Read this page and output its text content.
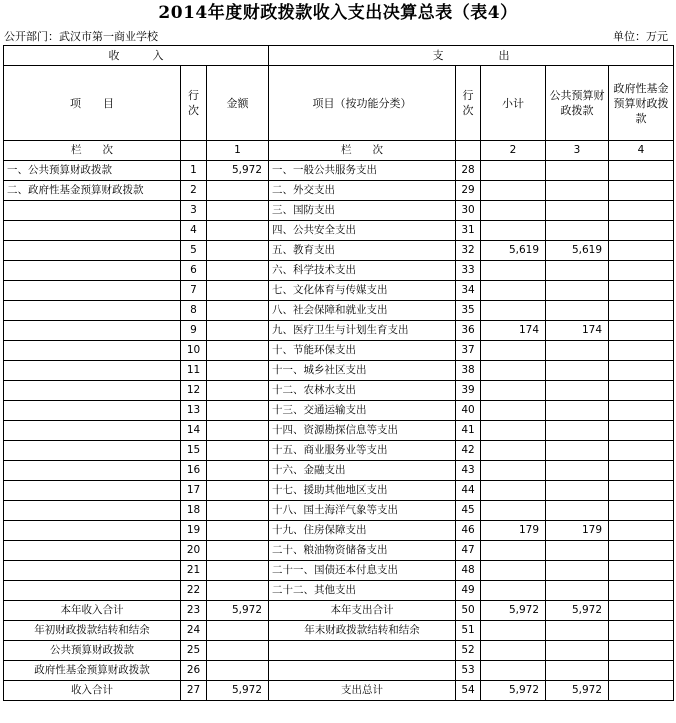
2014年度财政拨款收入支出决算总表（表4）
公开部门：武汉市第一商业学校	单位：万元
收　　　入			支　　　　　出				
项　　目	行次	金额	项目（按功能分类）	行次	小计	公共预算财政拨款	政府性基金预算财政拨款
栏　　次		1	栏　　次		2	3	4
一、公共预算财政拨款	1	5,972	一、一般公共服务支出	28			
二、政府性基金预算财政拨款	2		二、外交支出	29			
	3		三、国防支出	30			
	4		四、公共安全支出	31			
	5		五、教育支出	32	5,619	5,619	
	6		六、科学技术支出	33			
	7		七、文化体育与传媒支出	34			
	8		八、社会保障和就业支出	35			
	9		九、医疗卫生与计划生育支出	36	174	174	
	10		十、节能环保支出	37			
	11		十一、城乡社区支出	38			
	12		十二、农林水支出	39			
	13		十三、交通运输支出	40			
	14		十四、资源勘探信息等支出	41			
	15		十五、商业服务业等支出	42			
	16		十六、金融支出	43			
	17		十七、援助其他地区支出	44			
	18		十八、国土海洋气象等支出	45			
	19		十九、住房保障支出	46	179	179	
	20		二十、粮油物资储备支出	47			
	21		二十一、国债还本付息支出	48			
	22		二十二、其他支出	49			
本年收入合计	23	5,972	本年支出合计	50	5,972	5,972	
年初财政拨款结转和结余	24		年末财政拨款结转和结余	51			
公共预算财政拨款	25			52			
政府性基金预算财政拨款	26			53			
收入合计	27	5,972	支出总计	54	5,972	5,972	
